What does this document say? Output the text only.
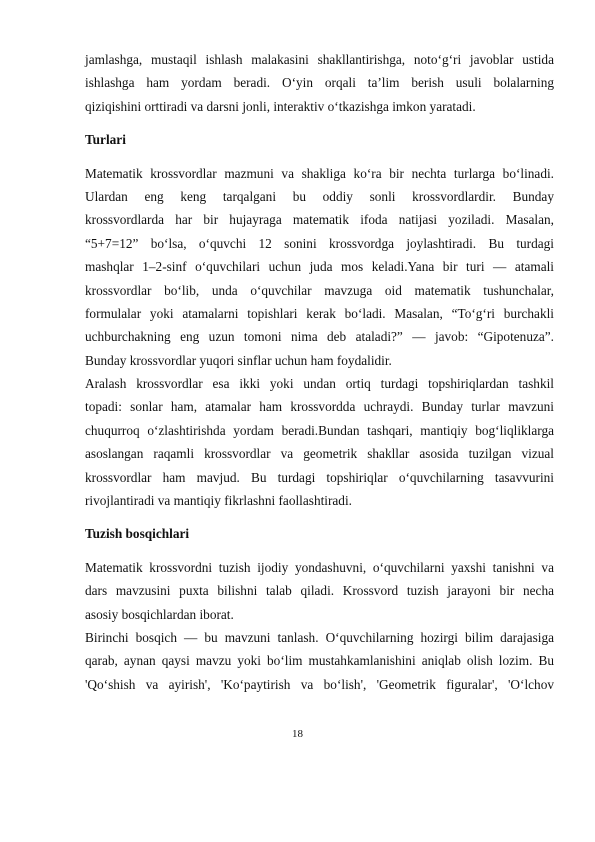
jamlashga, mustaqil ishlash malakasini shakllantirishga, noto‘g‘ri javoblar ustida
ishlashga ham yordam beradi. O‘yin orqali ta’lim berish usuli bolalarning
qiziqishini orttiradi va darsni jonli, interaktiv o‘tkazishga imkon yaratadi.
Turlari
Matematik krossvordlar mazmuni va shakliga ko‘ra bir nechta turlarga bo‘linadi.
Ulardan eng keng tarqalgani bu oddiy sonli krossvordlardir. Bunday
krossvordlarda har bir hujayraga matematik ifoda natijasi yoziladi. Masalan,
“5+7=12” bo‘lsa, o‘quvchi 12 sonini krossvordga joylashtiradi. Bu turdagi
mashqlar 1–2-sinf o‘quvchilari uchun juda mos keladi.Yana bir turi — atamali
krossvordlar bo‘lib, unda o‘quvchilar mavzuga oid matematik tushunchalar,
formulalar yoki atamalarni topishlari kerak bo‘ladi. Masalan, “To‘g‘ri burchakli
uchburchakning eng uzun tomoni nima deb ataladi?” — javob: “Gipotenuza”.
Bunday krossvordlar yuqori sinflar uchun ham foydalidir.
Aralash krossvordlar esa ikki yoki undan ortiq turdagi topshiriqlardan tashkil
topadi: sonlar ham, atamalar ham krossvordda uchraydi. Bunday turlar mavzuni
chuqurroq o‘zlashtirishda yordam beradi.Bundan tashqari, mantiqiy bog‘liqliklarga
asoslangan raqamli krossvordlar va geometrik shakllar asosida tuzilgan vizual
krossvordlar ham mavjud. Bu turdagi topshiriqlar o‘quvchilarning tasavvurini
rivojlantiradi va mantiqiy fikrlashni faollashtiradi.
Tuzish bosqichlari
Matematik krossvordni tuzish ijodiy yondashuvni, o‘quvchilarni yaxshi tanishni va
dars mavzusini puxta bilishni talab qiladi. Krossvord tuzish jarayoni bir necha
asosiy bosqichlardan iborat.
Birinchi bosqich — bu mavzuni tanlash. O‘quvchilarning hozirgi bilim darajasiga
qarab, aynan qaysi mavzu yoki bo‘lim mustahkamlanishini aniqlab olish lozim. Bu
'Qo‘shish va ayirish', 'Ko‘paytirish va bo‘lish', 'Geometrik figuralar', 'O‘lchov
18
